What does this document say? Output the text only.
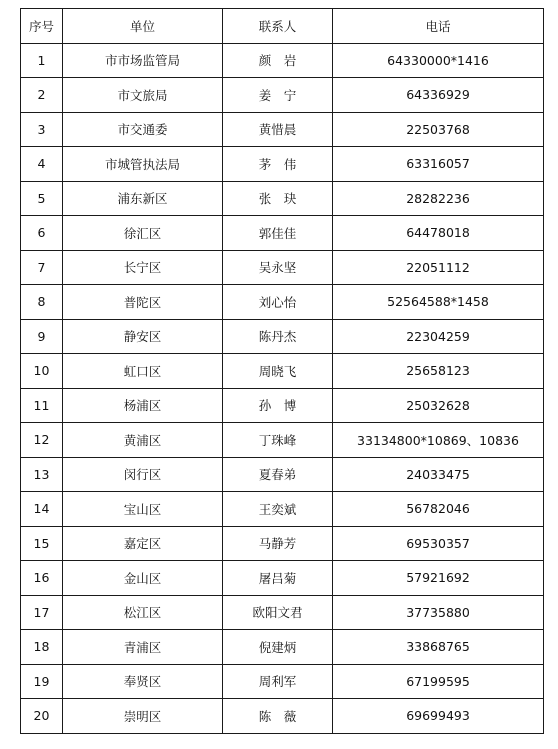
序号	单位	联系人	电话
1	市市场监管局	颜　岩	64330000*1416
2	市文旅局	姜　宁	64336929
3	市交通委	黄惜晨	22503768
4	市城管执法局	茅　伟	63316057
5	浦东新区	张　玦	28282236
6	徐汇区	郭佳佳	64478018
7	长宁区	吴永坚	22051112
8	普陀区	刘心怡	52564588*1458
9	静安区	陈丹杰	22304259
10	虹口区	周晓飞	25658123
11	杨浦区	孙　博	25032628
12	黄浦区	丁珠峰	33134800*10869、10836
13	闵行区	夏春弟	24033475
14	宝山区	王奕斌	56782046
15	嘉定区	马静芳	69530357
16	金山区	屠吕菊	57921692
17	松江区	欧阳文君	37735880
18	青浦区	倪建炳	33868765
19	奉贤区	周利军	67199595
20	崇明区	陈　薇	69699493
